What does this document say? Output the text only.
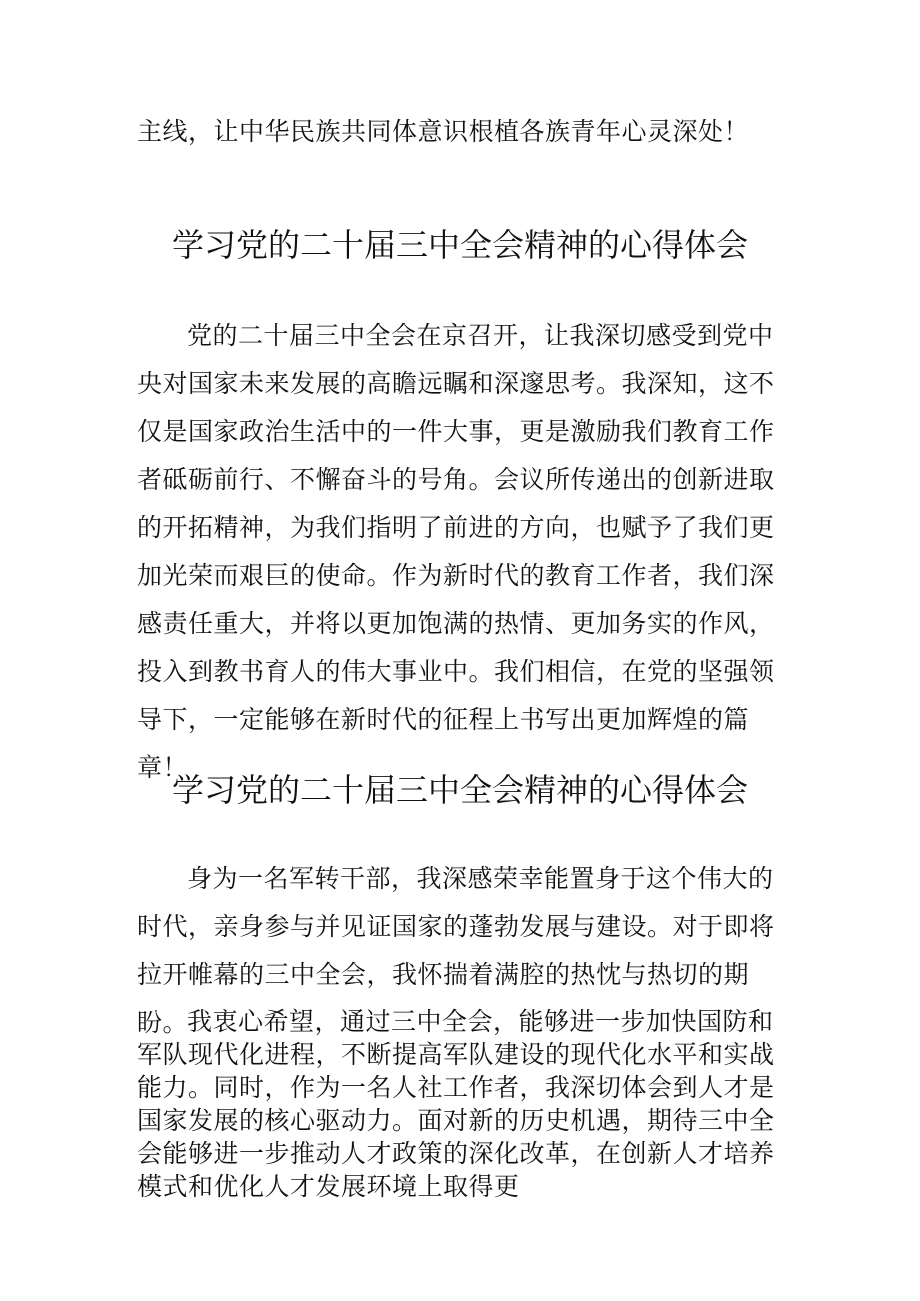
主线，让中华民族共同体意识根植各族青年心灵深处！

学习党的二十届三中全会精神的心得体会

党的二十届三中全会在京召开，让我深切感受到党中央对国家未来发展的高瞻远瞩和深邃思考。我深知，这不仅是国家政治生活中的一件大事，更是激励我们教育工作者砥砺前行、不懈奋斗的号角。会议所传递出的创新进取的开拓精神，为我们指明了前进的方向，也赋予了我们更加光荣而艰巨的使命。作为新时代的教育工作者，我们深感责任重大，并将以更加饱满的热情、更加务实的作风，投入到教书育人的伟大事业中。我们相信，在党的坚强领导下，一定能够在新时代的征程上书写出更加辉煌的篇章！

学习党的二十届三中全会精神的心得体会

身为一名军转干部，我深感荣幸能置身于这个伟大的时代，亲身参与并见证国家的蓬勃发展与建设。对于即将拉开帷幕的三中全会，我怀揣着满腔的热忱与热切的期盼。

我衷心希望，通过三中全会，能够进一步加快国防和军队现代化进程，不断提高军队建设的现代化水平和实战能力。同时，作为一名人社工作者，我深切体会到人才是国家发展的核心驱动力。面对新的历史机遇，期待三中全会能够进一步推动人才政策的深化改革，在创新人才培养模式和优化人才发展环境上取得更
